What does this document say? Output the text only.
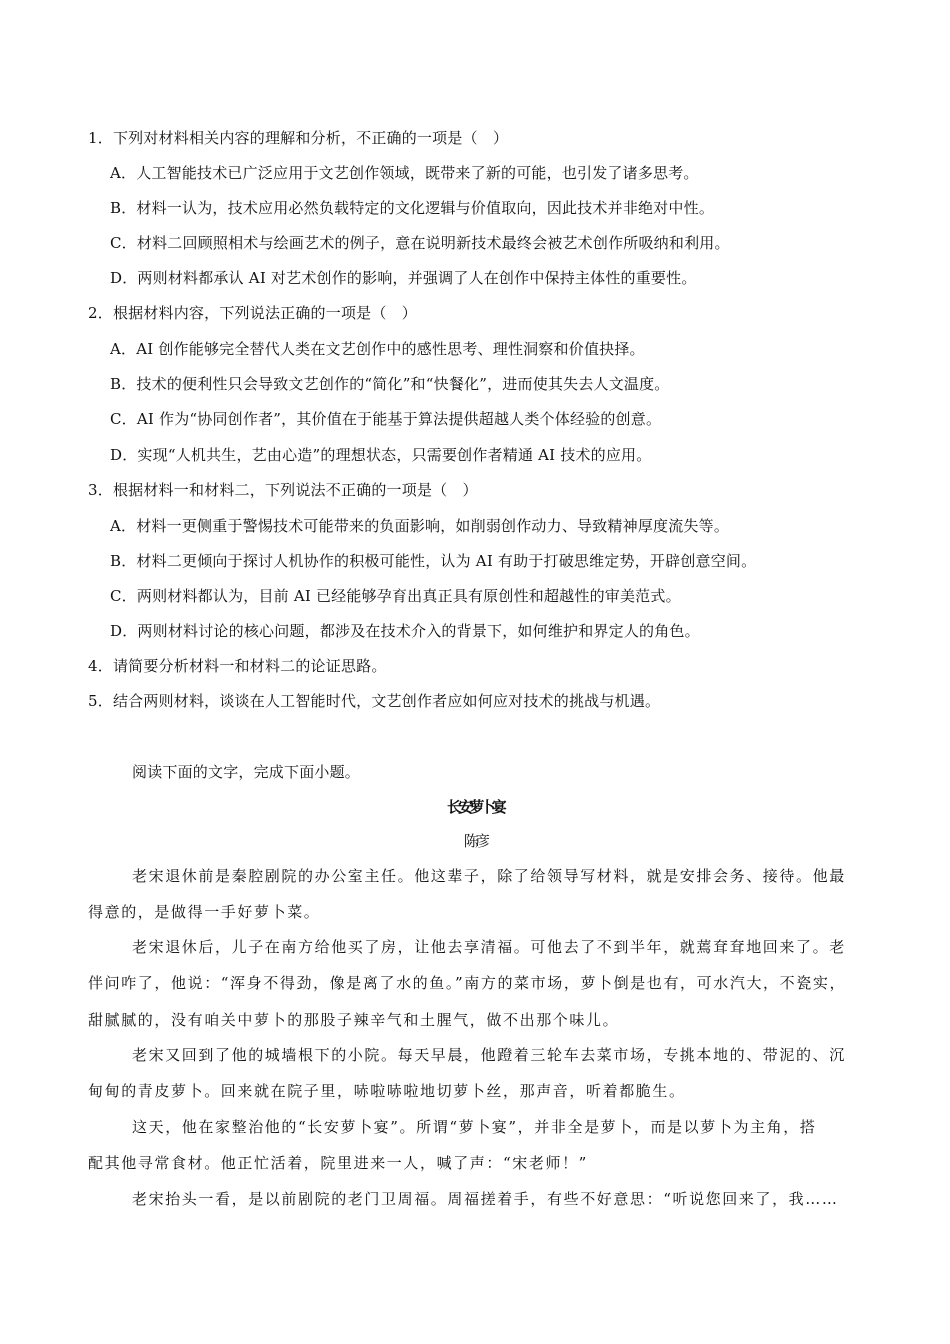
1．下列对材料相关内容的理解和分析，不正确的一项是（　）
A．人工智能技术已广泛应用于文艺创作领域，既带来了新的可能，也引发了诸多思考。
B．材料一认为，技术应用必然负载特定的文化逻辑与价值取向，因此技术并非绝对中性。
C．材料二回顾照相术与绘画艺术的例子，意在说明新技术最终会被艺术创作所吸纳和利用。
D．两则材料都承认 AI 对艺术创作的影响，并强调了人在创作中保持主体性的重要性。
2．根据材料内容，下列说法正确的一项是（　）
A．AI 创作能够完全替代人类在文艺创作中的感性思考、理性洞察和价值抉择。
B．技术的便利性只会导致文艺创作的“简化”和“快餐化”，进而使其失去人文温度。
C．AI 作为“协同创作者”，其价值在于能基于算法提供超越人类个体经验的创意。
D．实现“人机共生，艺由心造”的理想状态，只需要创作者精通 AI 技术的应用。
3．根据材料一和材料二，下列说法不正确的一项是（　）
A．材料一更侧重于警惕技术可能带来的负面影响，如削弱创作动力、导致精神厚度流失等。
B．材料二更倾向于探讨人机协作的积极可能性，认为 AI 有助于打破思维定势，开辟创意空间。
C．两则材料都认为，目前 AI 已经能够孕育出真正具有原创性和超越性的审美范式。
D．两则材料讨论的核心问题，都涉及在技术介入的背景下，如何维护和界定人的角色。
4．请简要分析材料一和材料二的论证思路。
5．结合两则材料，谈谈在人工智能时代，文艺创作者应如何应对技术的挑战与机遇。
阅读下面的文字，完成下面小题。
长安萝卜宴
陈彦
老宋退休前是秦腔剧院的办公室主任。他这辈子，除了给领导写材料，就是安排会务、接待。他最
得意的，是做得一手好萝卜菜。
老宋退休后，儿子在南方给他买了房，让他去享清福。可他去了不到半年，就蔫耷耷地回来了。老
伴问咋了，他说：“浑身不得劲，像是离了水的鱼。”南方的菜市场，萝卜倒是也有，可水汽大，不瓷实，
甜腻腻的，没有咱关中萝卜的那股子辣辛气和土腥气，做不出那个味儿。
老宋又回到了他的城墙根下的小院。每天早晨，他蹬着三轮车去菜市场，专挑本地的、带泥的、沉
甸甸的青皮萝卜。回来就在院子里，哧啦哧啦地切萝卜丝，那声音，听着都脆生。
这天，他在家整治他的“长安萝卜宴”。所谓“萝卜宴”，并非全是萝卜，而是以萝卜为主角，搭
配其他寻常食材。他正忙活着，院里进来一人，喊了声：“宋老师！”
老宋抬头一看，是以前剧院的老门卫周福。周福搓着手，有些不好意思：“听说您回来了，我……
